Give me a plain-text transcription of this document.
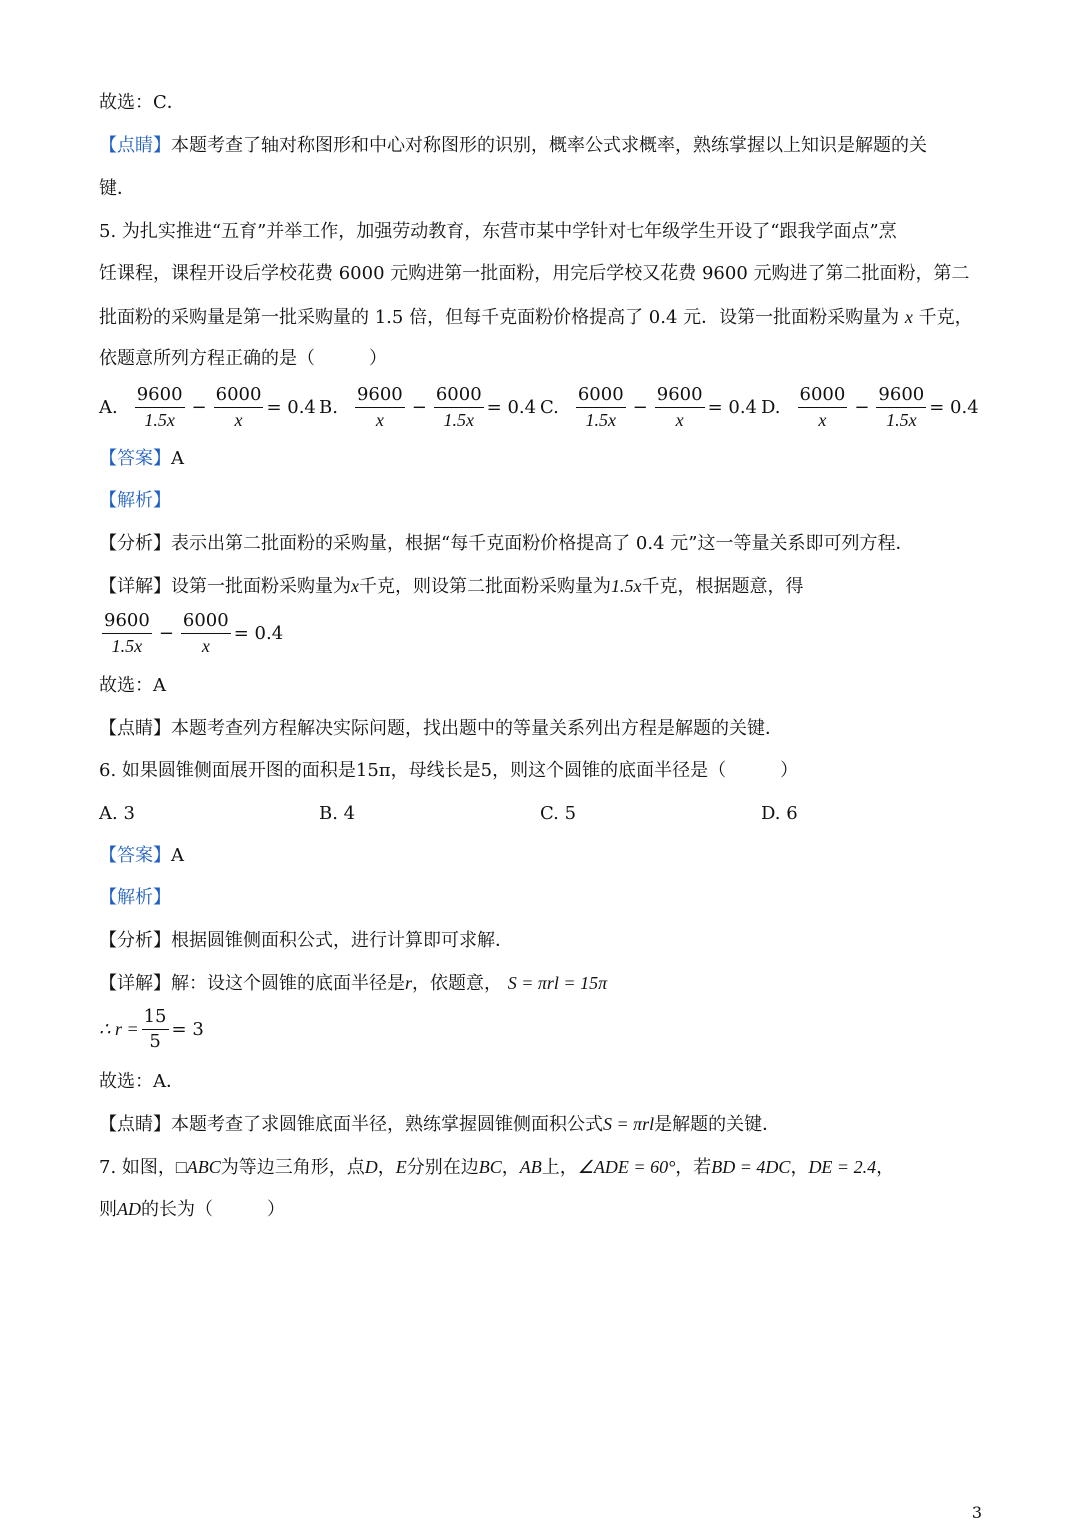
故选：C．
【点睛】本题考查了轴对称图形和中心对称图形的识别，概率公式求概率，熟练掌握以上知识是解题的关
键．
5. 为扎实推进“五育”并举工作，加强劳动教育，东营市某中学针对七年级学生开设了“跟我学面点”烹
饪课程，课程开设后学校花费 6000 元购进第一批面粉，用完后学校又花费 9600 元购进了第二批面粉，第二
批面粉的采购量是第一批采购量的 1.5 倍，但每千克面粉价格提高了 0.4 元．设第一批面粉采购量为 x 千克，
依题意所列方程正确的是（　　　）
A. $\frac{9600}{1.5x} - \frac{6000}{x} = 0.4$ B. $\frac{9600}{x} - \frac{6000}{1.5x} = 0.4$ C. $\frac{6000}{1.5x} - \frac{9600}{x} = 0.4$ D. $\frac{6000}{x} - \frac{9600}{1.5x} = 0.4$
【答案】A
【解析】
【分析】表示出第二批面粉的采购量，根据“每千克面粉价格提高了 0.4 元”这一等量关系即可列方程．
【详解】设第一批面粉采购量为x千克，则设第二批面粉采购量为1.5x千克，根据题意，得
$\frac{9600}{1.5x} - \frac{6000}{x} = 0.4$
故选：A
【点睛】本题考查列方程解决实际问题，找出题中的等量关系列出方程是解题的关键．
6. 如果圆锥侧面展开图的面积是15π，母线长是5，则这个圆锥的底面半径是（　　　）
A. 3	B. 4	C. 5	D. 6
【答案】A
【解析】
【分析】根据圆锥侧面积公式，进行计算即可求解．
【详解】解：设这个圆锥的底面半径是r，依题意， S = πrl = 15π
∴ $r = \frac{15}{5} = 3$
故选：A．
【点睛】本题考查了求圆锥底面半径，熟练掌握圆锥侧面积公式S = πrl是解题的关键．
7. 如图，□ABC为等边三角形，点D，E分别在边BC，AB上，∠ADE = 60°，若BD = 4DC，DE = 2.4，
则AD的长为（　　　）
3
